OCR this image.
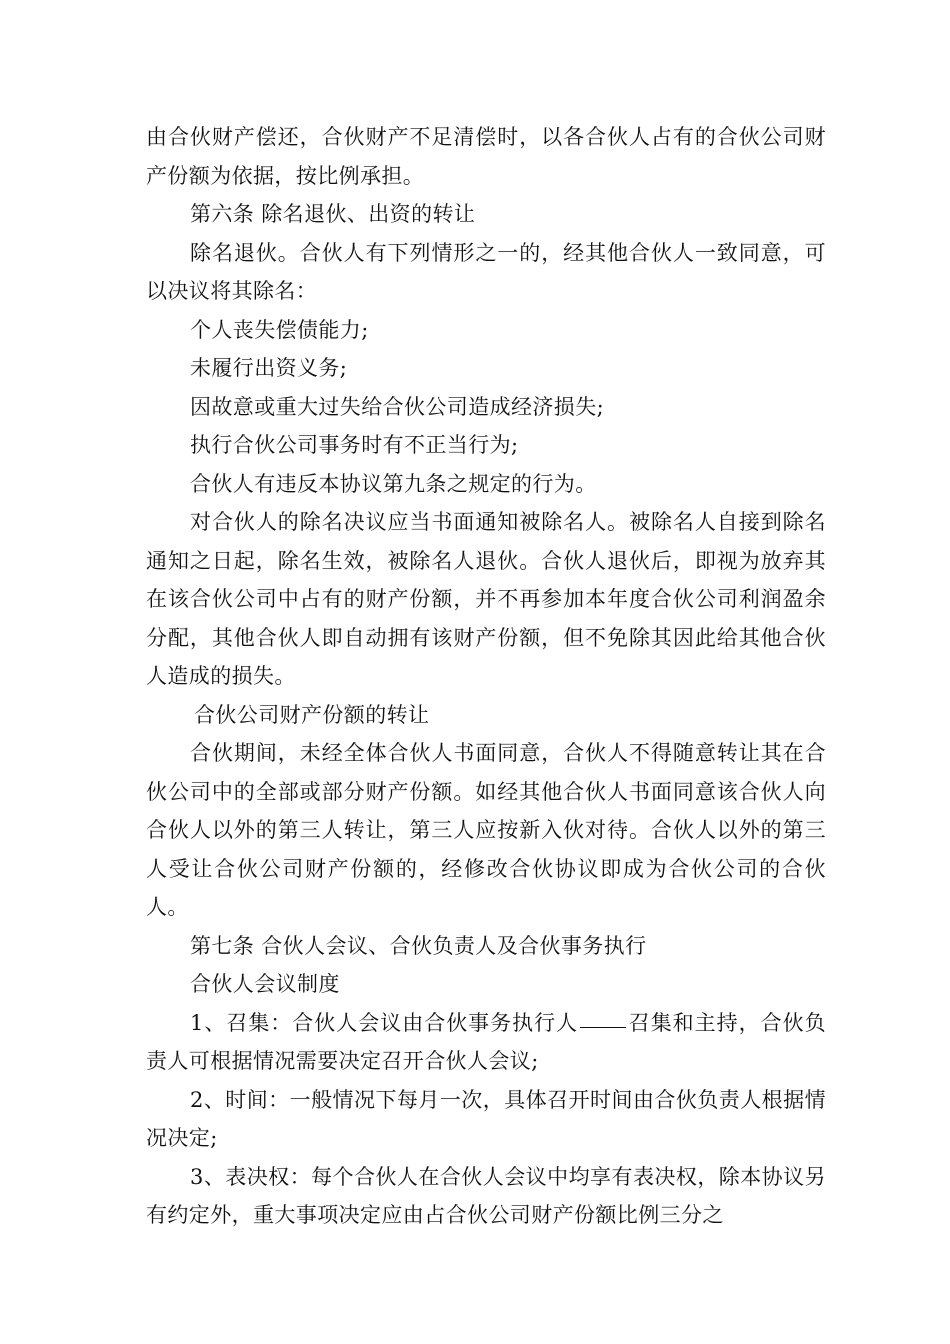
由合伙财产偿还，合伙财产不足清偿时，以各合伙人占有的合伙公司财产份额为依据，按比例承担。

第六条 除名退伙、出资的转让

除名退伙。合伙人有下列情形之一的，经其他合伙人一致同意，可以决议将其除名：

个人丧失偿债能力;

未履行出资义务;

因故意或重大过失给合伙公司造成经济损失;

执行合伙公司事务时有不正当行为;

合伙人有违反本协议第九条之规定的行为。

对合伙人的除名决议应当书面通知被除名人。被除名人自接到除名通知之日起，除名生效，被除名人退伙。合伙人退伙后，即视为放弃其在该合伙公司中占有的财产份额，并不再参加本年度合伙公司利润盈余分配，其他合伙人即自动拥有该财产份额，但不免除其因此给其他合伙人造成的损失。

合伙公司财产份额的转让

合伙期间，未经全体合伙人书面同意，合伙人不得随意转让其在合伙公司中的全部或部分财产份额。如经其他合伙人书面同意该合伙人向合伙人以外的第三人转让，第三人应按新入伙对待。合伙人以外的第三人受让合伙公司财产份额的，经修改合伙协议即成为合伙公司的合伙人。

第七条 合伙人会议、合伙负责人及合伙事务执行

合伙人会议制度

1、召集：合伙人会议由合伙事务执行人 召集和主持，合伙负责人可根据情况需要决定召开合伙人会议;

2、时间：一般情况下每月一次，具体召开时间由合伙负责人根据情况决定;

3、表决权：每个合伙人在合伙人会议中均享有表决权，除本协议另有约定外，重大事项决定应由占合伙公司财产份额比例三分之
